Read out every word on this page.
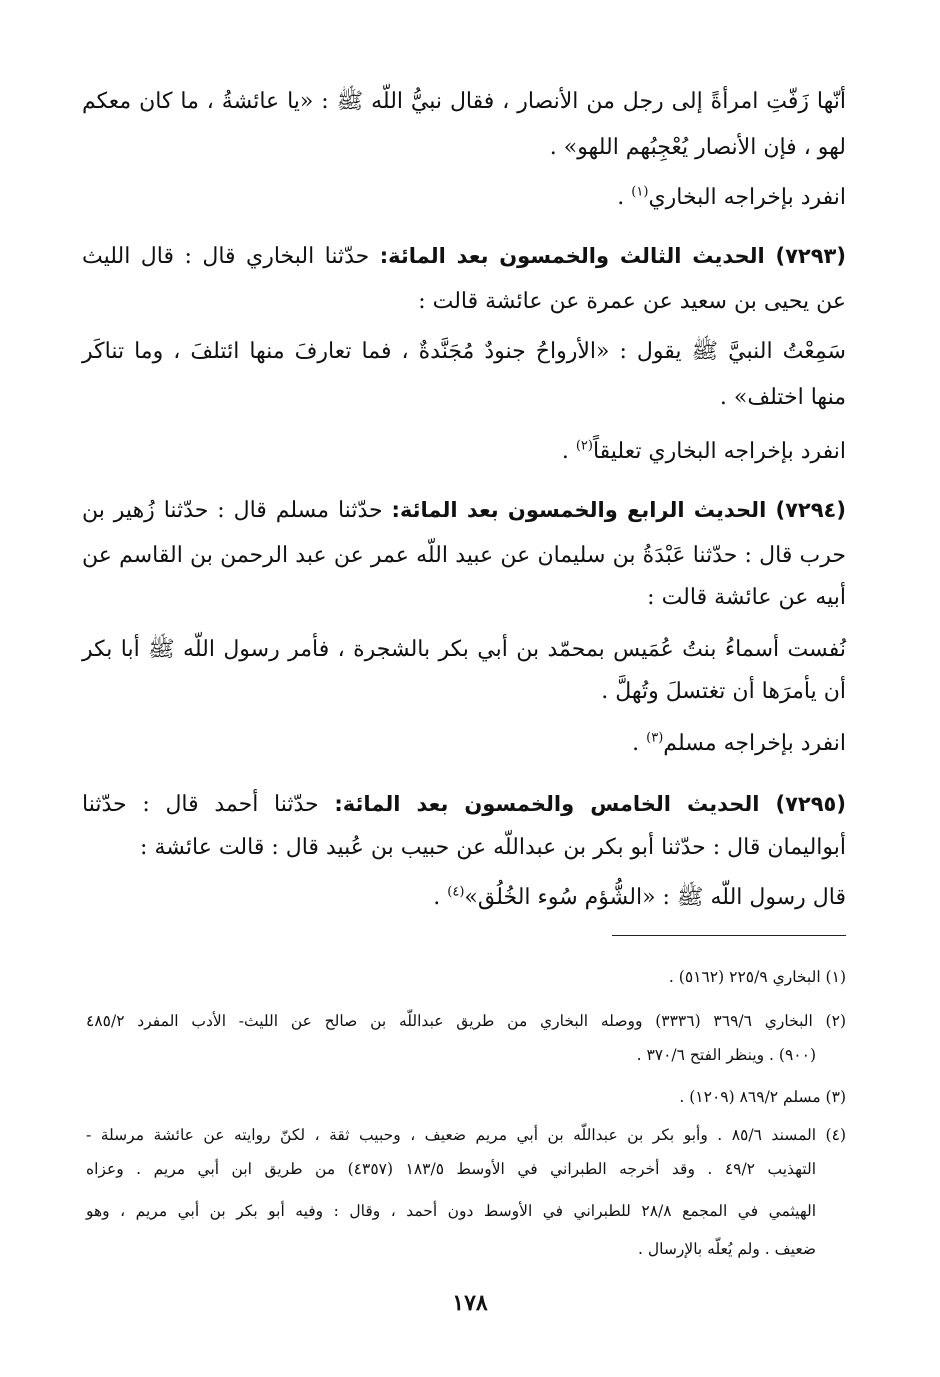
أنّها زَفّتِ امرأةً إلى رجل من الأنصار ، فقال نبيُّ اللّه ﷺ : «يا عائشةُ ، ما كان معكم
لهو ، فإن الأنصار يُعْجِبُهم اللهو» .
انفرد بإخراجه البخاري$^{(١)}$ .
(٧٢٩٣) الحديث الثالث والخمسون بعد المائة: حدّثنا البخاري قال : قال الليث
عن يحيى بن سعيد عن عمرة عن عائشة قالت :
سَمِعْتُ النبيَّ ﷺ يقول : «الأرواحُ جنودٌ مُجَنَّدةٌ ، فما تعارفَ منها ائتلفَ ، وما تناكَر
منها اختلف» .
انفرد بإخراجه البخاري تعليقاً$^{(٢)}$ .
(٧٢٩٤) الحديث الرابع والخمسون بعد المائة: حدّثنا مسلم قال : حدّثنا زُهير بن
حرب قال : حدّثنا عَبْدَةُ بن سليمان عن عبيد اللّه عمر عن عبد الرحمن بن القاسم عن
أبيه عن عائشة قالت :
نُفست أسماءُ بنتُ عُمَيس بمحمّد بن أبي بكر بالشجرة ، فأمر رسول اللّه ﷺ أبا بكر
أن يأمرَها أن تغتسلَ وتُهلَّ .
انفرد بإخراجه مسلم$^{(٣)}$ .
(٧٢٩٥) الحديث الخامس والخمسون بعد المائة: حدّثنا أحمد قال : حدّثنا
أبواليمان قال : حدّثنا أبو بكر بن عبداللّه عن حبيب بن عُبيد قال : قالت عائشة :
قال رسول اللّه ﷺ : «الشُّؤم سُوء الخُلُق»$^{(٤)}$ .
(١) البخاري ٢٢٥/٩ (٥١٦٢) .
(٢) البخاري ٣٦٩/٦ (٣٣٣٦) ووصله البخاري من طريق عبداللّه بن صالح عن الليث- الأدب المفرد ٤٨٥/٢
(٩٠٠) . وينظر الفتح ٣٧٠/٦ .
(٣) مسلم ٨٦٩/٢ (١٢٠٩) .
(٤) المسند ٨٥/٦ . وأبو بكر بن عبداللّه بن أبي مريم ضعيف ، وحبيب ثقة ، لكنّ روايته عن عائشة مرسلة -
التهذيب ٤٩/٢ . وقد أخرجه الطبراني في الأوسط ١٨٣/٥ (٤٣٥٧) من طريق ابن أبي مريم . وعزاه
الهيثمي في المجمع ٢٨/٨ للطبراني في الأوسط دون أحمد ، وقال : وفيه أبو بكر بن أبي مريم ، وهو
ضعيف . ولم يُعلّه بالإرسال .
١٧٨
